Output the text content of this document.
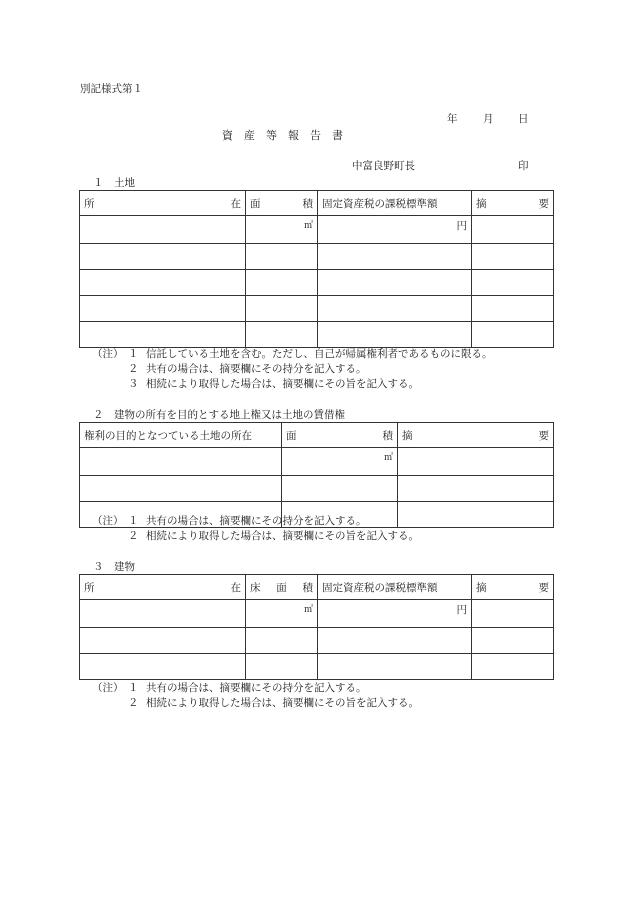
別記様式第１
年 月 日
資　産　等　報　告　書
中富良野町長	印
１　土地
所 在	面 積	固定資産税の課税標準額	摘 要

	㎡	円	

（注） １ 信託している土地を含む。ただし、自己が帰属権利者であるものに限る。
２ 共有の場合は、摘要欄にその持分を記入する。
３ 相続により取得した場合は、摘要欄にその旨を記入する。
２　建物の所有を目的とする地上権又は土地の賃借権
権利の目的となつている土地の所在	面 積	摘 要

	㎡	

（注） １ 共有の場合は、摘要欄にその持分を記入する。
２ 相続により取得した場合は、摘要欄にその旨を記入する。
３　建物
所 在	床 面 積	固定資産税の課税標準額	摘 要

	㎡	円	

（注） １ 共有の場合は、摘要欄にその持分を記入する。
２ 相続により取得した場合は、摘要欄にその旨を記入する。
